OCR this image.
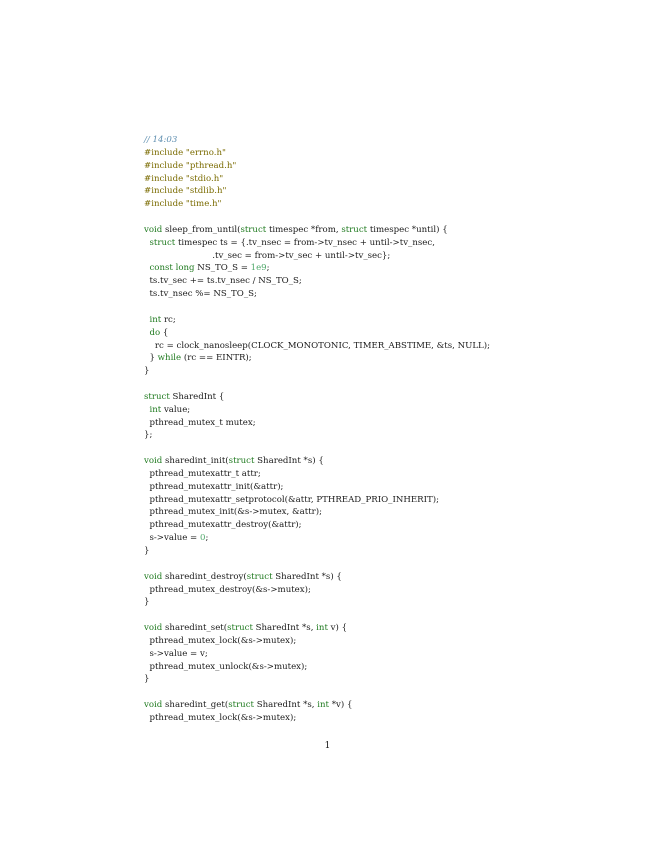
// 14:03
#include "errno.h"
#include "pthread.h"
#include "stdio.h"
#include "stdlib.h"
#include "time.h"

void sleep_from_until(struct timespec *from, struct timespec *until) {
struct timespec ts = {.tv_nsec = from->tv_nsec + until->tv_nsec,
.tv_sec = from->tv_sec + until->tv_sec};
const long NS_TO_S = 1e9;
ts.tv_sec += ts.tv_nsec / NS_TO_S;
ts.tv_nsec %= NS_TO_S;

int rc;
do {
rc = clock_nanosleep(CLOCK_MONOTONIC, TIMER_ABSTIME, &ts, NULL);
} while (rc == EINTR);
}

struct SharedInt {
int value;
pthread_mutex_t mutex;
};

void sharedint_init(struct SharedInt *s) {
pthread_mutexattr_t attr;
pthread_mutexattr_init(&attr);
pthread_mutexattr_setprotocol(&attr, PTHREAD_PRIO_INHERIT);
pthread_mutex_init(&s->mutex, &attr);
pthread_mutexattr_destroy(&attr);
s->value = 0;
}

void sharedint_destroy(struct SharedInt *s) {
pthread_mutex_destroy(&s->mutex);
}

void sharedint_set(struct SharedInt *s, int v) {
pthread_mutex_lock(&s->mutex);
s->value = v;
pthread_mutex_unlock(&s->mutex);
}

void sharedint_get(struct SharedInt *s, int *v) {
pthread_mutex_lock(&s->mutex);
1
